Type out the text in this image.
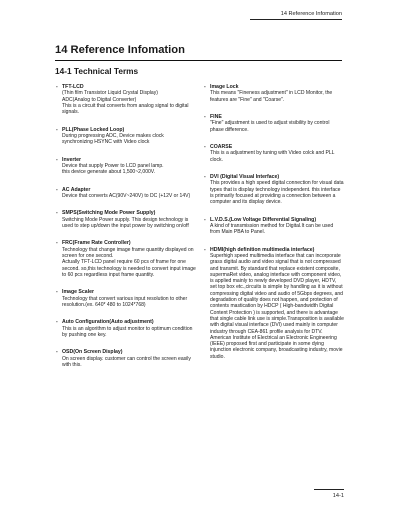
14 Reference Infomation
14 Reference Infomation
14-1 Technical Terms
- TFT-LCD
(Thin film Transistor Liquid Crystal Display)
ADC(Analog to Digital Converter)
This is a circuit that converts from analog signal to digital signals.
- PLL(Phase Locked Loop)
During progressing ADC, Device makes clock synchronizing HSYNC with Video clock
- Inverter
Device that supply Power to LCD panel lamp.
this device generate about 1,500~2,000V.
- AC Adapter
Device that converts AC(90V~240V) to DC (+12V or 14V)
- SMPS(Switching Mode Power Supply)
Switching Mode Power supply. This design technology is used to step up/down the input power by switching on/off
- FRC(Frame Rate Controller)
Technology that change image frame quantity displayed on screen for one second.
Actually TFT-LCD panel require 60 pcs of frame for one second. so,this technology is needed to convert input image to 60 pcs regardless input frame quantity.
- Image Scaler
Technology that convert various input resolution to other resolution.(ex. 640* 480 to 1024*768)
- Auto Configuration(Auto adjustment)
This is an algorithm to adjust monitor to optimum condition by pushing one key.
- OSD(On Screen Display)
On screen display. customer can control the screen easily with this.
- Image Lock
This means "Fineness adjustment" in LCD Monitor, the features are "Fine" and "Coarse".
- FINE
"Fine" adjustment is used to adjust visibility by control phase difference.
- COARSE
This is a adjustment by tuning with Video colck and PLL clock.
- DVI (Digital Visual Interface)
This provides a high speed digital connection for visual data types that is display technology independent. this interface is primarily focused at providing a connection between a computer and its display device.
- L.V.D.S.(Low Voltage Differential Signaling)
A kind of transmission method for Digital.It can be used from Main PBA to Panel.
- HDMI(high definition multimedia interface)
Superhigh speed multimedia interface that can incorporate grass digital audio and video signal that is not compressed and transmit. By standard that replace existent composite, supermaRet video, analog interface with component video, is applied mainly to newly developed DVD player, HDTV, set top box etc.,circuits is simple by handling as it is without compressing digital video and audio of 5Gbps degrees, and degradation of quality does not happen, and protection of contents mastication by HDCP ( High-bandwidth Digital Content Protection ) is supported, and there is advantage that single cable link use is simple.Transposition is available with digital visual interface (DVI) used mainly in computer industry through CEA-861 profile analysis for DTV. American Institute of Electrical an Electronic Engineering (IEEE) proposed first and participate in some dying injunction electronic company, broadcasting industry, movie studio.
14-1
